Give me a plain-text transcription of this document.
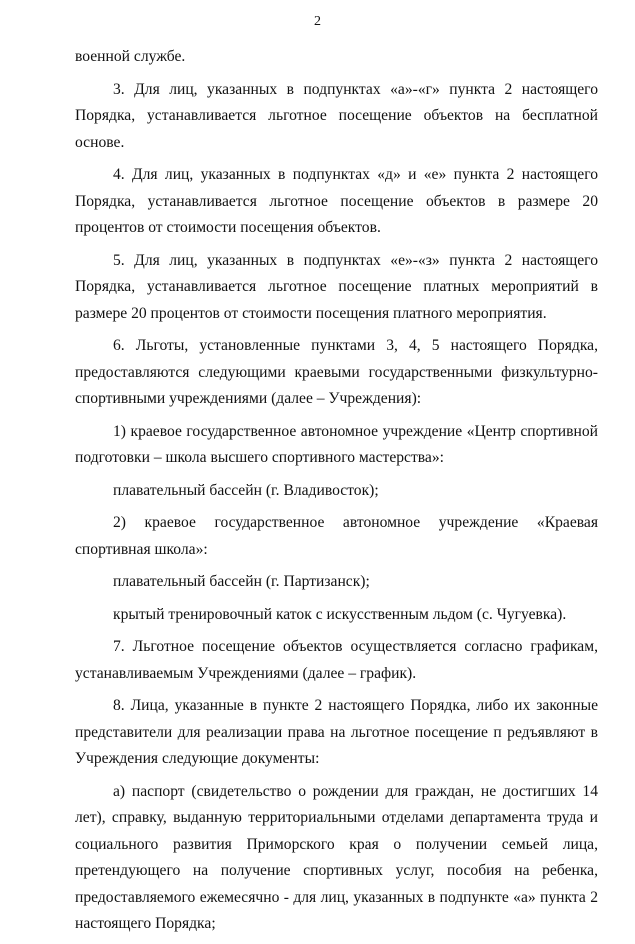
2

военной службе.

3. Для лиц, указанных в подпунктах «а»-«г» пункта 2 настоящего Порядка, устанавливается льготное посещение объектов на бесплатной основе.

4. Для лиц, указанных в подпунктах «д» и «е» пункта 2 настоящего Порядка, устанавливается льготное посещение объектов в размере 20 процентов от стоимости посещения объектов.

5. Для лиц, указанных в подпунктах «е»-«з» пункта 2 настоящего Порядка, устанавливается льготное посещение платных мероприятий в размере 20 процентов от стоимости посещения платного мероприятия.

6. Льготы, установленные пунктами 3, 4, 5 настоящего Порядка, предоставляются следующими краевыми государственными физкультурно-спортивными учреждениями (далее – Учреждения):

1) краевое государственное автономное учреждение «Центр спортивной подготовки – школа высшего спортивного мастерства»:

плавательный бассейн (г. Владивосток);

2) краевое государственное автономное учреждение «Краевая спортивная школа»:

плавательный бассейн (г. Партизанск);

крытый тренировочный каток с искусственным льдом (с. Чугуевка).

7. Льготное посещение объектов осуществляется согласно графикам, устанавливаемым Учреждениями (далее – график).

8. Лица, указанные в пункте 2 настоящего Порядка, либо их законные представители для реализации права на льготное посещение п редъявляют в Учреждения следующие документы:

а) паспорт (свидетельство о рождении для граждан, не достигших 14 лет), справку, выданную территориальными отделами департамента труда и социального развития Приморского края о получении семьей лица, претендующего на получение спортивных услуг, пособия на ребенка, предоставляемого ежемесячно - для лиц, указанных в подпункте «а» пункта 2 настоящего Порядка;
